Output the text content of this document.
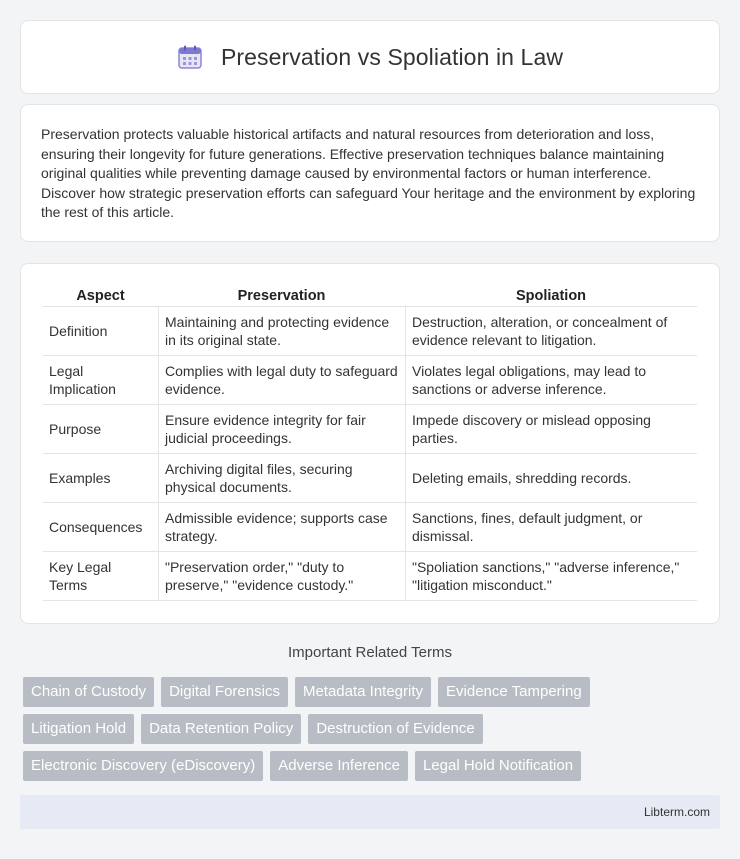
Preservation vs Spoliation in Law

Preservation protects valuable historical artifacts and natural resources from deterioration and loss, ensuring their longevity for future generations. Effective preservation techniques balance maintaining original qualities while preventing damage caused by environmental factors or human interference. Discover how strategic preservation efforts can safeguard Your heritage and the environment by exploring the rest of this article.

Aspect	Preservation	Spoliation
Definition	Maintaining and protecting evidence in its original state.	Destruction, alteration, or concealment of evidence relevant to litigation.
Legal Implication	Complies with legal duty to safeguard evidence.	Violates legal obligations, may lead to sanctions or adverse inference.
Purpose	Ensure evidence integrity for fair judicial proceedings.	Impede discovery or mislead opposing parties.
Examples	Archiving digital files, securing physical documents.	Deleting emails, shredding records.
Consequences	Admissible evidence; supports case strategy.	Sanctions, fines, default judgment, or dismissal.
Key Legal Terms	"Preservation order," "duty to preserve," "evidence custody."	"Spoliation sanctions," "adverse inference," "litigation misconduct."
Important Related Terms
Chain of Custody	Digital Forensics	Metadata Integrity	Evidence Tampering
Litigation Hold	Data Retention Policy	Destruction of Evidence
Electronic Discovery (eDiscovery)	Adverse Inference	Legal Hold Notification
Libterm.com
